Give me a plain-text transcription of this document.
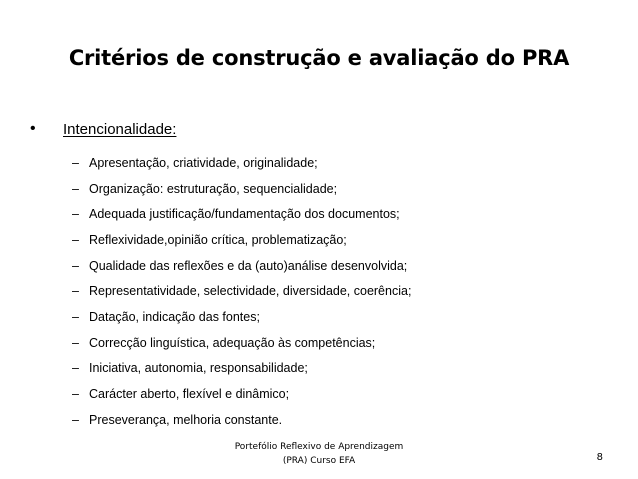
Critérios de construção e avaliação do PRA
•	Intencionalidade:
– Apresentação, criatividade, originalidade;
– Organização: estruturação, sequencialidade;
– Adequada justificação/fundamentação dos documentos;
– Reflexividade,opinião crítica, problematização;
– Qualidade das reflexões e da (auto)análise desenvolvida;
– Representatividade, selectividade, diversidade, coerência;
– Datação, indicação das fontes;
– Correcção linguística, adequação às competências;
– Iniciativa, autonomia, responsabilidade;
– Carácter aberto, flexível e dinâmico;
– Preseverança, melhoria constante.
Portefólio Reflexivo de Aprendizagem
(PRA) Curso EFA	8
